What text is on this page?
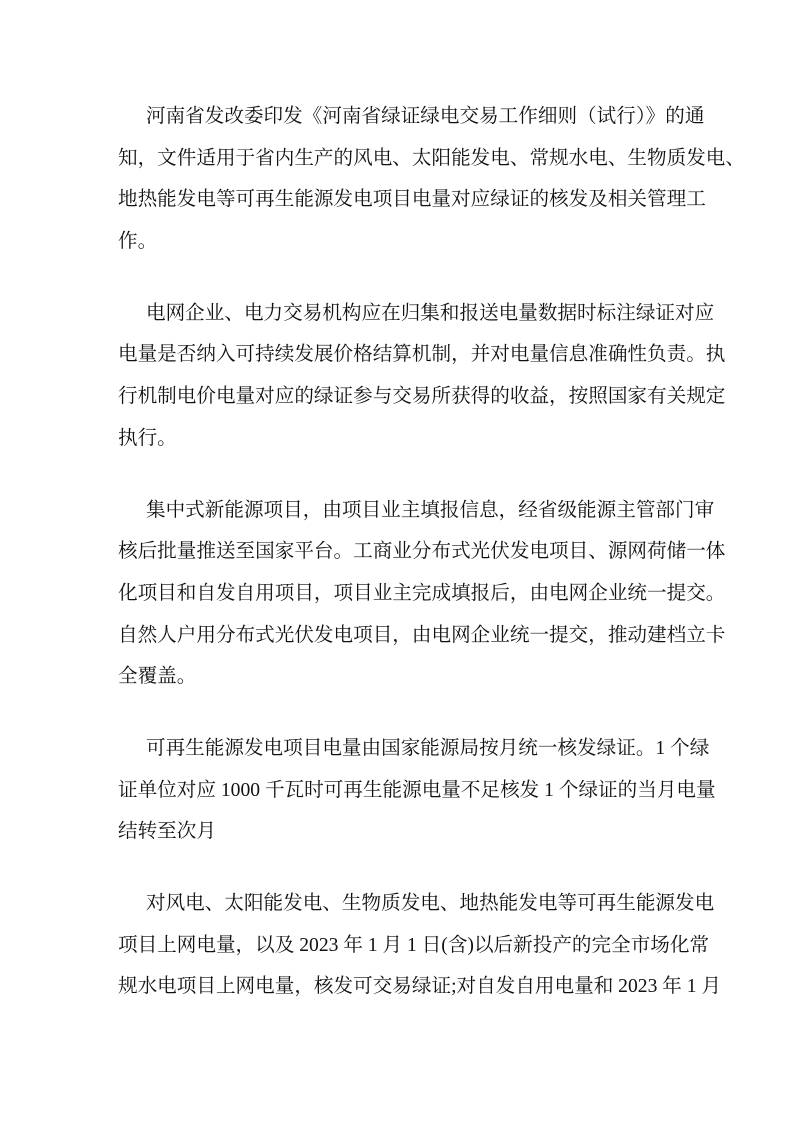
河南省发改委印发《河南省绿证绿电交易工作细则（试行）》的通
知，文件适用于省内生产的风电、太阳能发电、常规水电、生物质发电、
地热能发电等可再生能源发电项目电量对应绿证的核发及相关管理工
作。
电网企业、电力交易机构应在归集和报送电量数据时标注绿证对应
电量是否纳入可持续发展价格结算机制，并对电量信息准确性负责。执
行机制电价电量对应的绿证参与交易所获得的收益，按照国家有关规定
执行。
集中式新能源项目，由项目业主填报信息，经省级能源主管部门审
核后批量推送至国家平台。工商业分布式光伏发电项目、源网荷储一体
化项目和自发自用项目，项目业主完成填报后，由电网企业统一提交。
自然人户用分布式光伏发电项目，由电网企业统一提交，推动建档立卡
全覆盖。
可再生能源发电项目电量由国家能源局按月统一核发绿证。1 个绿
证单位对应 1000 千瓦时可再生能源电量不足核发 1 个绿证的当月电量
结转至次月
对风电、太阳能发电、生物质发电、地热能发电等可再生能源发电
项目上网电量，以及 2023 年 1 月 1 日(含)以后新投产的完全市场化常
规水电项目上网电量，核发可交易绿证;对自发自用电量和 2023 年 1 月
